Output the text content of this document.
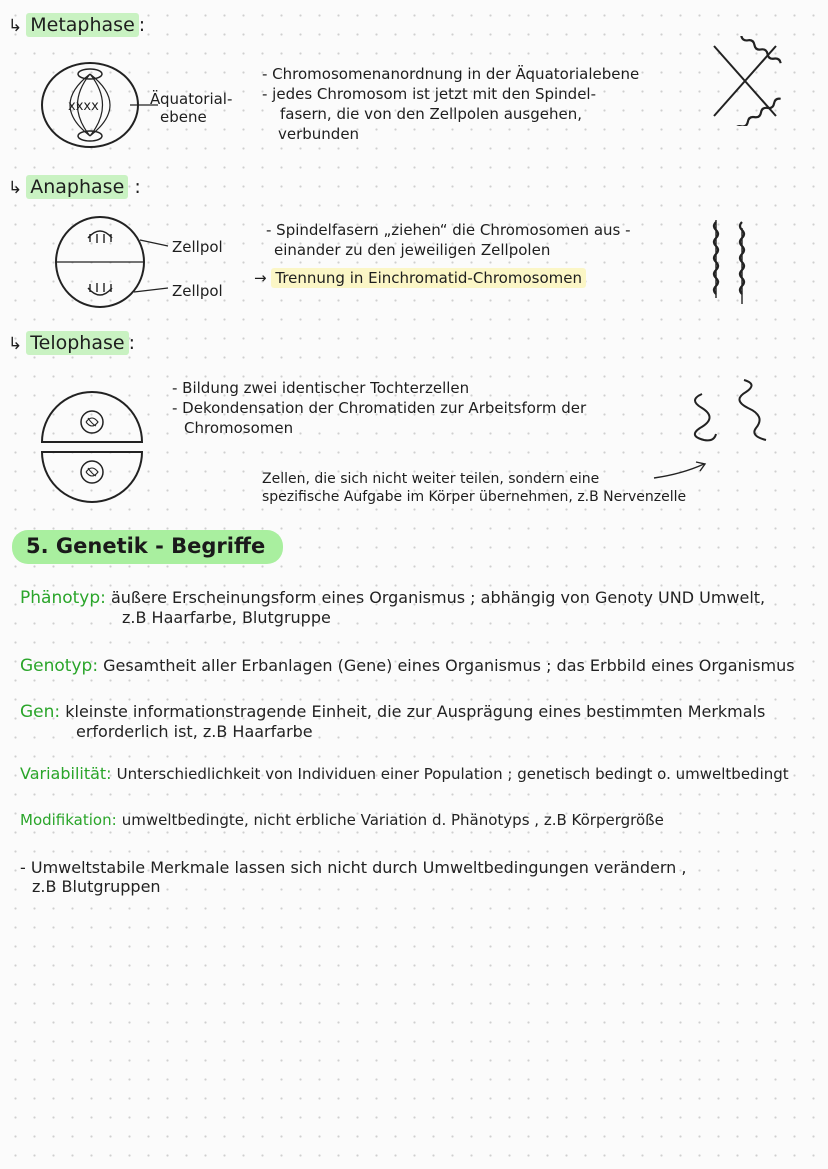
↳ Metaphase :
xxxx	Äquatorial-
ebene
- Chromosomenanordnung in der Äquatorialebene
- jedes Chromosom ist jetzt mit den Spindel-
fasern, die von den Zellpolen ausgehen,
verbunden
↳ Anaphase :
Zellpol
Zellpol
- Spindelfasern „ziehen“ die Chromosomen aus -
einander zu den jeweiligen Zellpolen
→ Trennung in Einchromatid-Chromosomen
↳ Telophase :
- Bildung zwei identischer Tochterzellen
- Dekondensation der Chromatiden zur Arbeitsform der
Chromosomen
Zellen, die sich nicht weiter teilen, sondern eine
spezifische Aufgabe im Körper übernehmen, z.B Nervenzelle
5. Genetik - Begriffe
Phänotyp: äußere Erscheinungsform eines Organismus ; abhängig von Genoty UND Umwelt,
z.B Haarfarbe, Blutgruppe
Genotyp: Gesamtheit aller Erbanlagen (Gene) eines Organismus ; das Erbbild eines Organismus
Gen: kleinste informationstragende Einheit, die zur Ausprägung eines bestimmten Merkmals
erforderlich ist, z.B Haarfarbe
Variabilität: Unterschiedlichkeit von Individuen einer Population ; genetisch bedingt o. umweltbedingt
Modifikation: umweltbedingte, nicht erbliche Variation d. Phänotyps , z.B Körpergröße
- Umweltstabile Merkmale lassen sich nicht durch Umweltbedingungen verändern ,
z.B Blutgruppen
